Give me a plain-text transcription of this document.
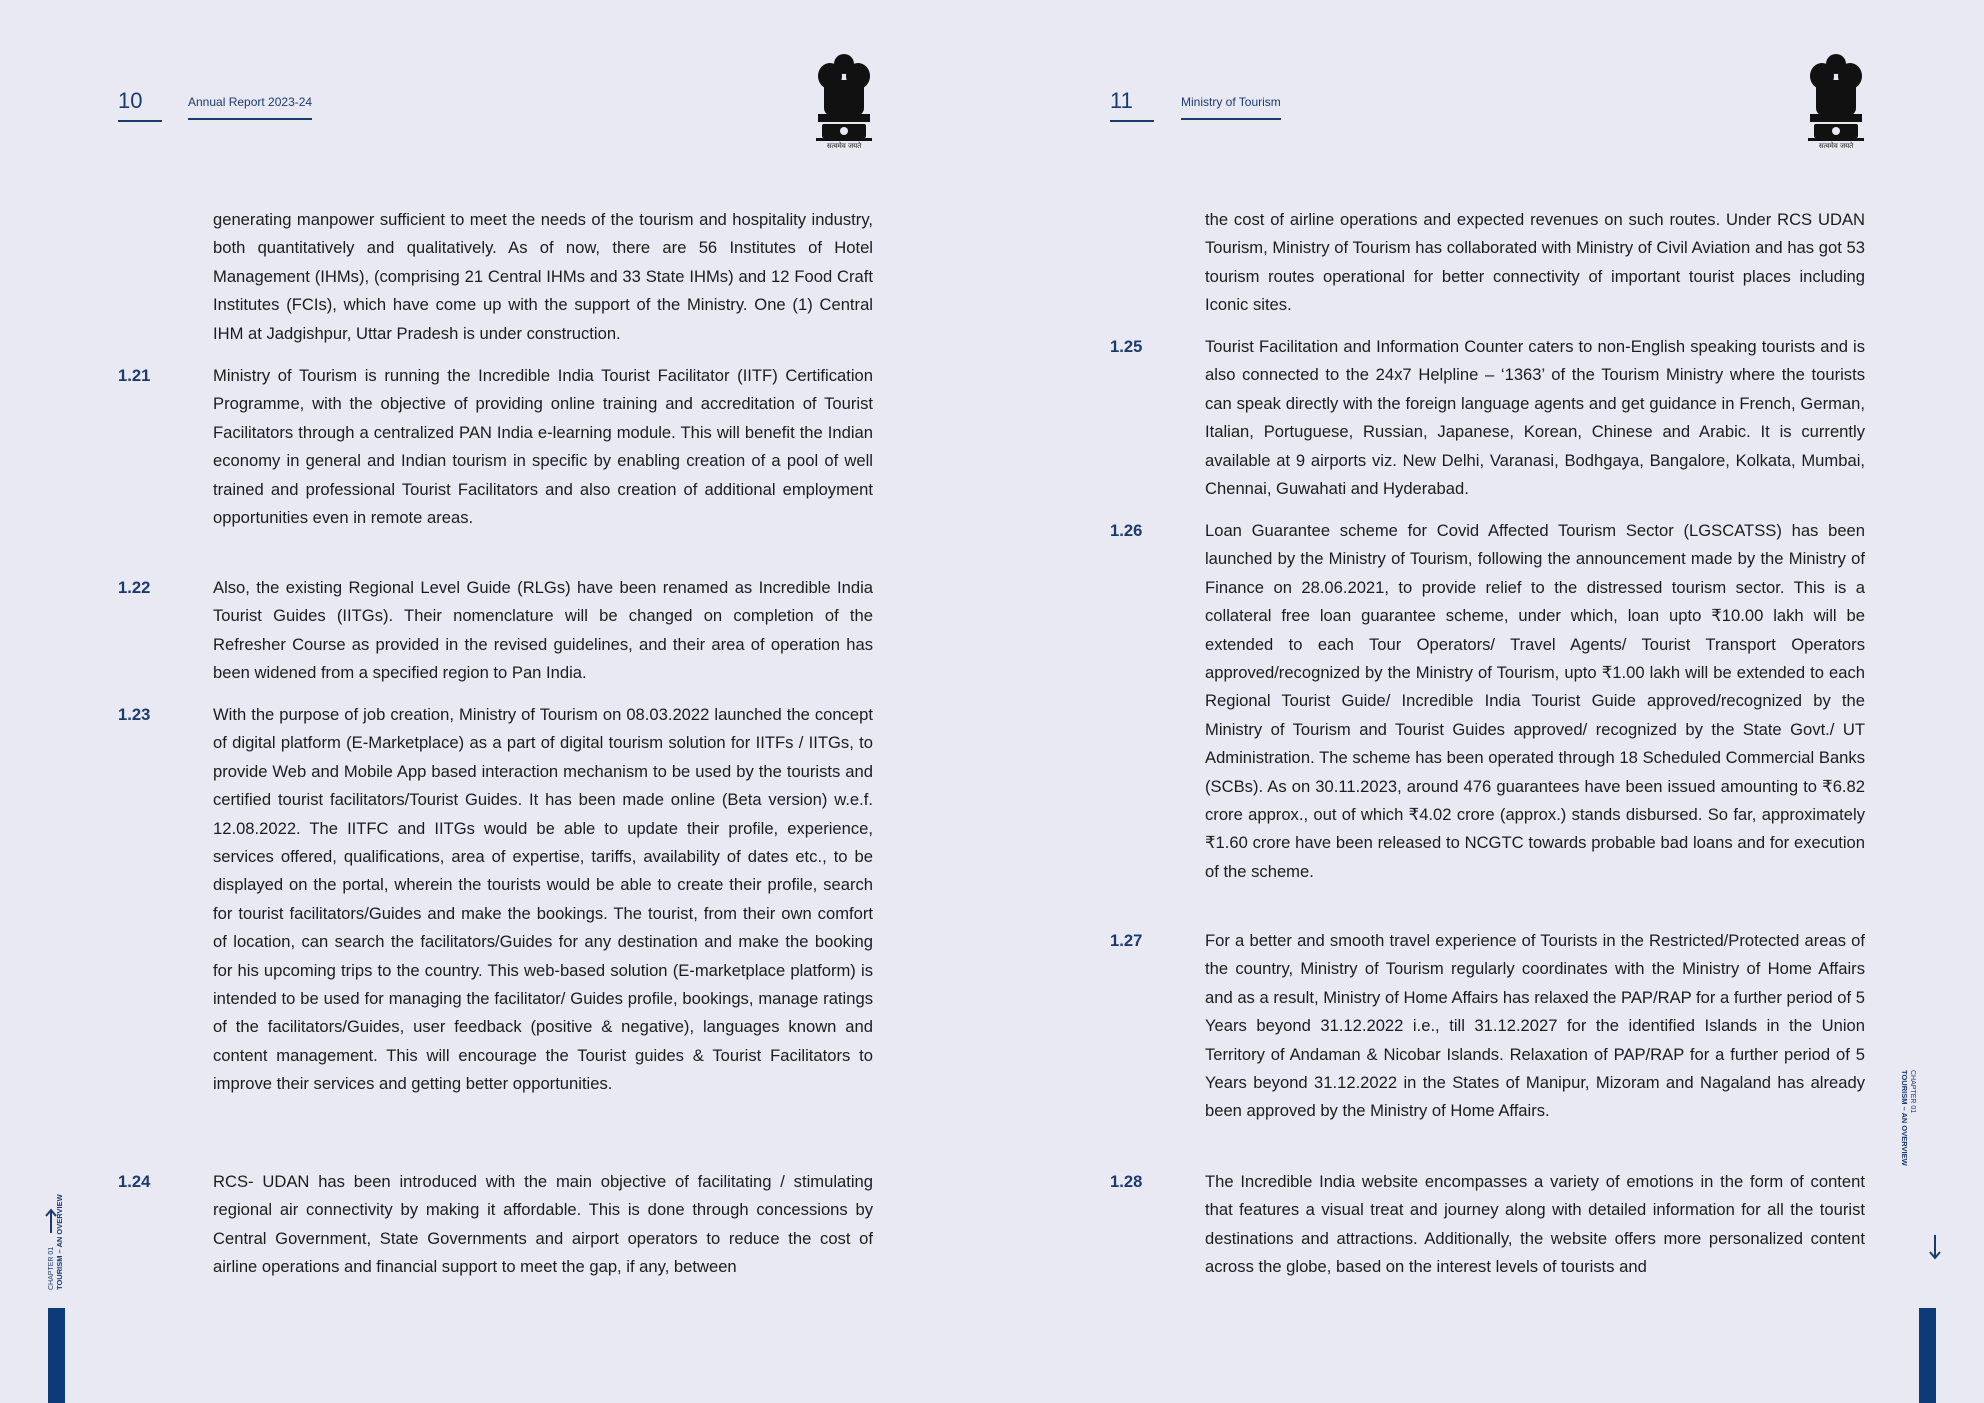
10	Annual Report 2023-24
सत्यमेव जयते
generating manpower sufficient to meet the needs of the tourism and hospitality industry, both quantitatively and qualitatively. As of now, there are 56 Institutes of Hotel Management (IHMs), (comprising 21 Central IHMs and 33 State IHMs) and 12 Food Craft Institutes (FCIs), which have come up with the support of the Ministry. One (1) Central IHM at Jadgishpur, Uttar Pradesh is under construction.
1.21	Ministry of Tourism is running the Incredible India Tourist Facilitator (IITF) Certification Programme, with the objective of providing online training and accreditation of Tourist Facilitators through a centralized PAN India e-learning module. This will benefit the Indian economy in general and Indian tourism in specific by enabling creation of a pool of well trained and professional Tourist Facilitators and also creation of additional employment opportunities even in remote areas.
1.22	Also, the existing Regional Level Guide (RLGs) have been renamed as Incredible India Tourist Guides (IITGs). Their nomenclature will be changed on completion of the Refresher Course as provided in the revised guidelines, and their area of operation has been widened from a specified region to Pan India.
1.23	With the purpose of job creation, Ministry of Tourism on 08.03.2022 launched the concept of digital platform (E-Marketplace) as a part of digital tourism solution for IITFs / IITGs, to provide Web and Mobile App based interaction mechanism to be used by the tourists and certified tourist facilitators/Tourist Guides. It has been made online (Beta version) w.e.f. 12.08.2022. The IITFC and IITGs would be able to update their profile, experience, services offered, qualifications, area of expertise, tariffs, availability of dates etc., to be displayed on the portal, wherein the tourists would be able to create their profile, search for tourist facilitators/Guides and make the bookings. The tourist, from their own comfort of location, can search the facilitators/Guides for any destination and make the booking for his upcoming trips to the country. This web-based solution (E-marketplace platform) is intended to be used for managing the facilitator/ Guides profile, bookings, manage ratings of the facilitators/Guides, user feedback (positive & negative), languages known and content management. This will encourage the Tourist guides & Tourist Facilitators to improve their services and getting better opportunities.
1.24	RCS- UDAN has been introduced with the main objective of facilitating / stimulating regional air connectivity by making it affordable. This is done through concessions by Central Government, State Governments and airport operators to reduce the cost of airline operations and financial support to meet the gap, if any, between
CHAPTER 01 TOURISM – AN OVERVIEW
11	Ministry of Tourism
सत्यमेव जयते
the cost of airline operations and expected revenues on such routes. Under RCS UDAN Tourism, Ministry of Tourism has collaborated with Ministry of Civil Aviation and has got 53 tourism routes operational for better connectivity of important tourist places including Iconic sites.
1.25	Tourist Facilitation and Information Counter caters to non-English speaking tourists and is also connected to the 24x7 Helpline – ‘1363’ of the Tourism Ministry where the tourists can speak directly with the foreign language agents and get guidance in French, German, Italian, Portuguese, Russian, Japanese, Korean, Chinese and Arabic. It is currently available at 9 airports viz. New Delhi, Varanasi, Bodhgaya, Bangalore, Kolkata, Mumbai, Chennai, Guwahati and Hyderabad.
1.26	Loan Guarantee scheme for Covid Affected Tourism Sector (LGSCATSS) has been launched by the Ministry of Tourism, following the announcement made by the Ministry of Finance on 28.06.2021, to provide relief to the distressed tourism sector. This is a collateral free loan guarantee scheme, under which, loan upto ₹10.00 lakh will be extended to each Tour Operators/ Travel Agents/ Tourist Transport Operators approved/recognized by the Ministry of Tourism, upto ₹1.00 lakh will be extended to each Regional Tourist Guide/ Incredible India Tourist Guide approved/recognized by the Ministry of Tourism and Tourist Guides approved/ recognized by the State Govt./ UT Administration. The scheme has been operated through 18 Scheduled Commercial Banks (SCBs). As on 30.11.2023, around 476 guarantees have been issued amounting to ₹6.82 crore approx., out of which ₹4.02 crore (approx.) stands disbursed. So far, approximately ₹1.60 crore have been released to NCGTC towards probable bad loans and for execution of the scheme.
1.27	For a better and smooth travel experience of Tourists in the Restricted/Protected areas of the country, Ministry of Tourism regularly coordinates with the Ministry of Home Affairs and as a result, Ministry of Home Affairs has relaxed the PAP/RAP for a further period of 5 Years beyond 31.12.2022 i.e., till 31.12.2027 for the identified Islands in the Union Territory of Andaman & Nicobar Islands. Relaxation of PAP/RAP for a further period of 5 Years beyond 31.12.2022 in the States of Manipur, Mizoram and Nagaland has already been approved by the Ministry of Home Affairs.
1.28	The Incredible India website encompasses a variety of emotions in the form of content that features a visual treat and journey along with detailed information for all the tourist destinations and attractions. Additionally, the website offers more personalized content across the globe, based on the interest levels of tourists and
CHAPTER 01
TOURISM – AN OVERVIEW
